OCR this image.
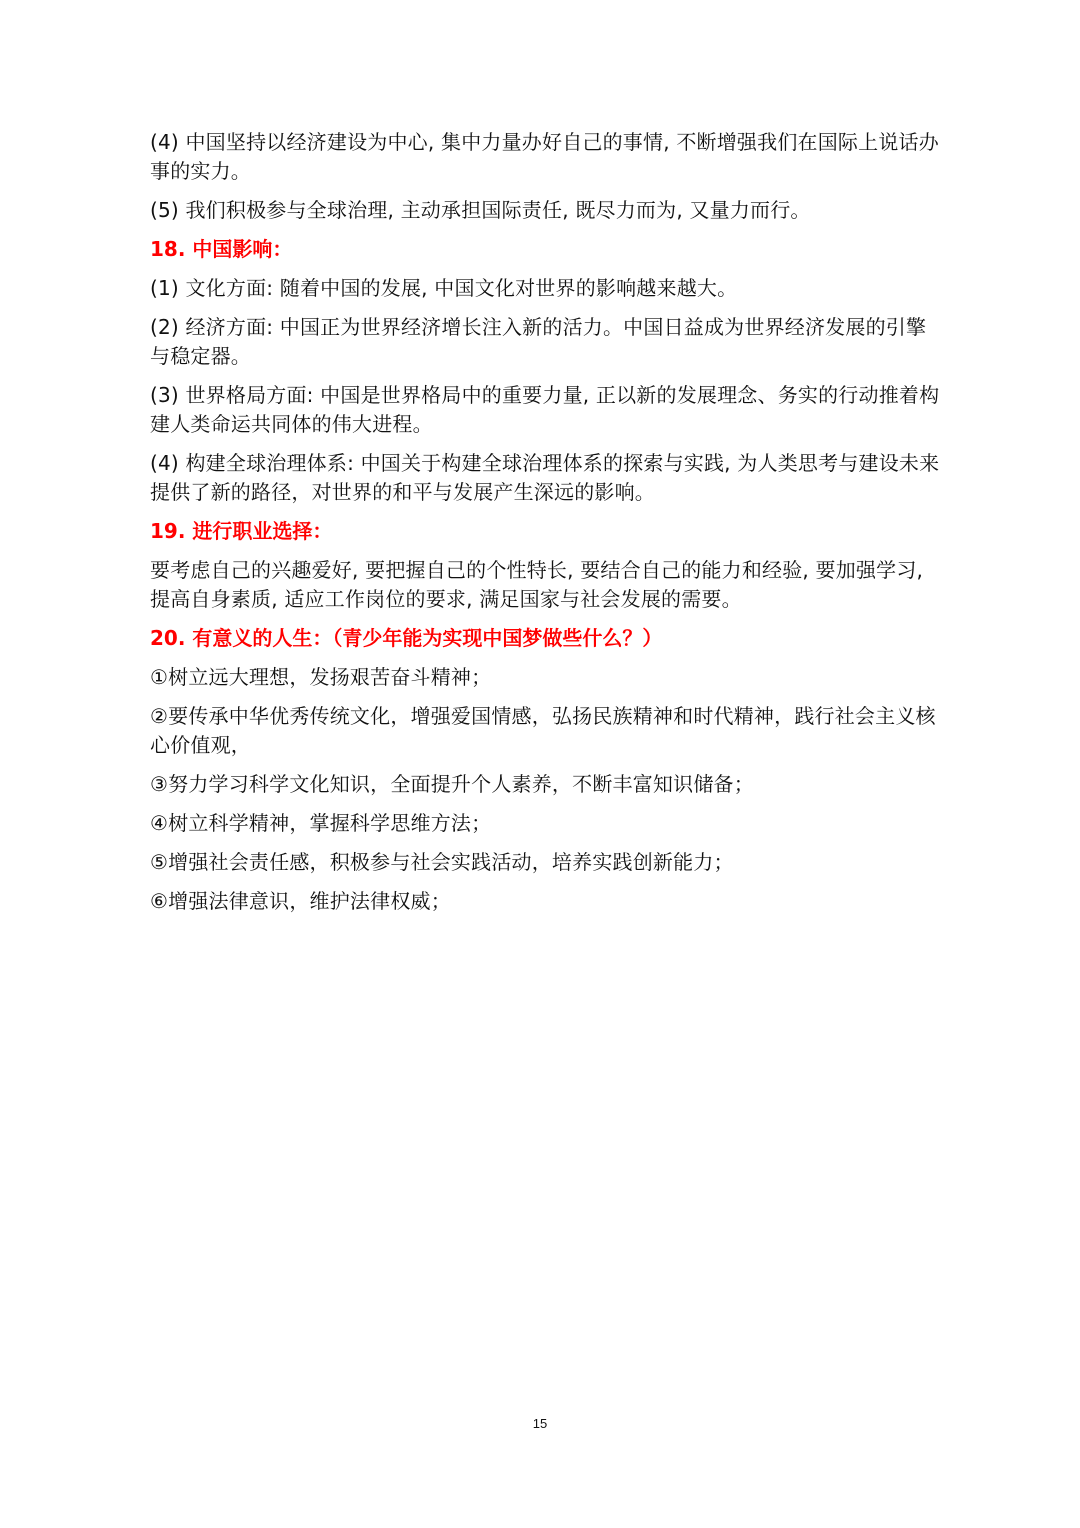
(4) 中国坚持以经济建设为中心, 集中力量办好自己的事情, 不断增强我们在国际上说话办事的实力。

(5) 我们积极参与全球治理, 主动承担国际责任, 既尽力而为, 又量力而行。

18. 中国影响：

(1) 文化方面: 随着中国的发展, 中国文化对世界的影响越来越大。

(2) 经济方面: 中国正为世界经济增长注入新的活力。中国日益成为世界经济发展的引擎与稳定器。

(3) 世界格局方面: 中国是世界格局中的重要力量, 正以新的发展理念、务实的行动推着构建人类命运共同体的伟大进程。

(4) 构建全球治理体系: 中国关于构建全球治理体系的探索与实践, 为人类思考与建设未来提供了新的路径，对世界的和平与发展产生深远的影响。

19. 进行职业选择：

要考虑自己的兴趣爱好, 要把握自己的个性特长, 要结合自己的能力和经验, 要加强学习, 提高自身素质, 适应工作岗位的要求, 满足国家与社会发展的需要。

20. 有意义的人生：（青少年能为实现中国梦做些什么？）

①树立远大理想，发扬艰苦奋斗精神；

②要传承中华优秀传统文化，增强爱国情感，弘扬民族精神和时代精神，践行社会主义核心价值观，

③努力学习科学文化知识，全面提升个人素养，不断丰富知识储备；

④树立科学精神，掌握科学思维方法；

⑤增强社会责任感，积极参与社会实践活动，培养实践创新能力；

⑥增强法律意识，维护法律权威；

15
